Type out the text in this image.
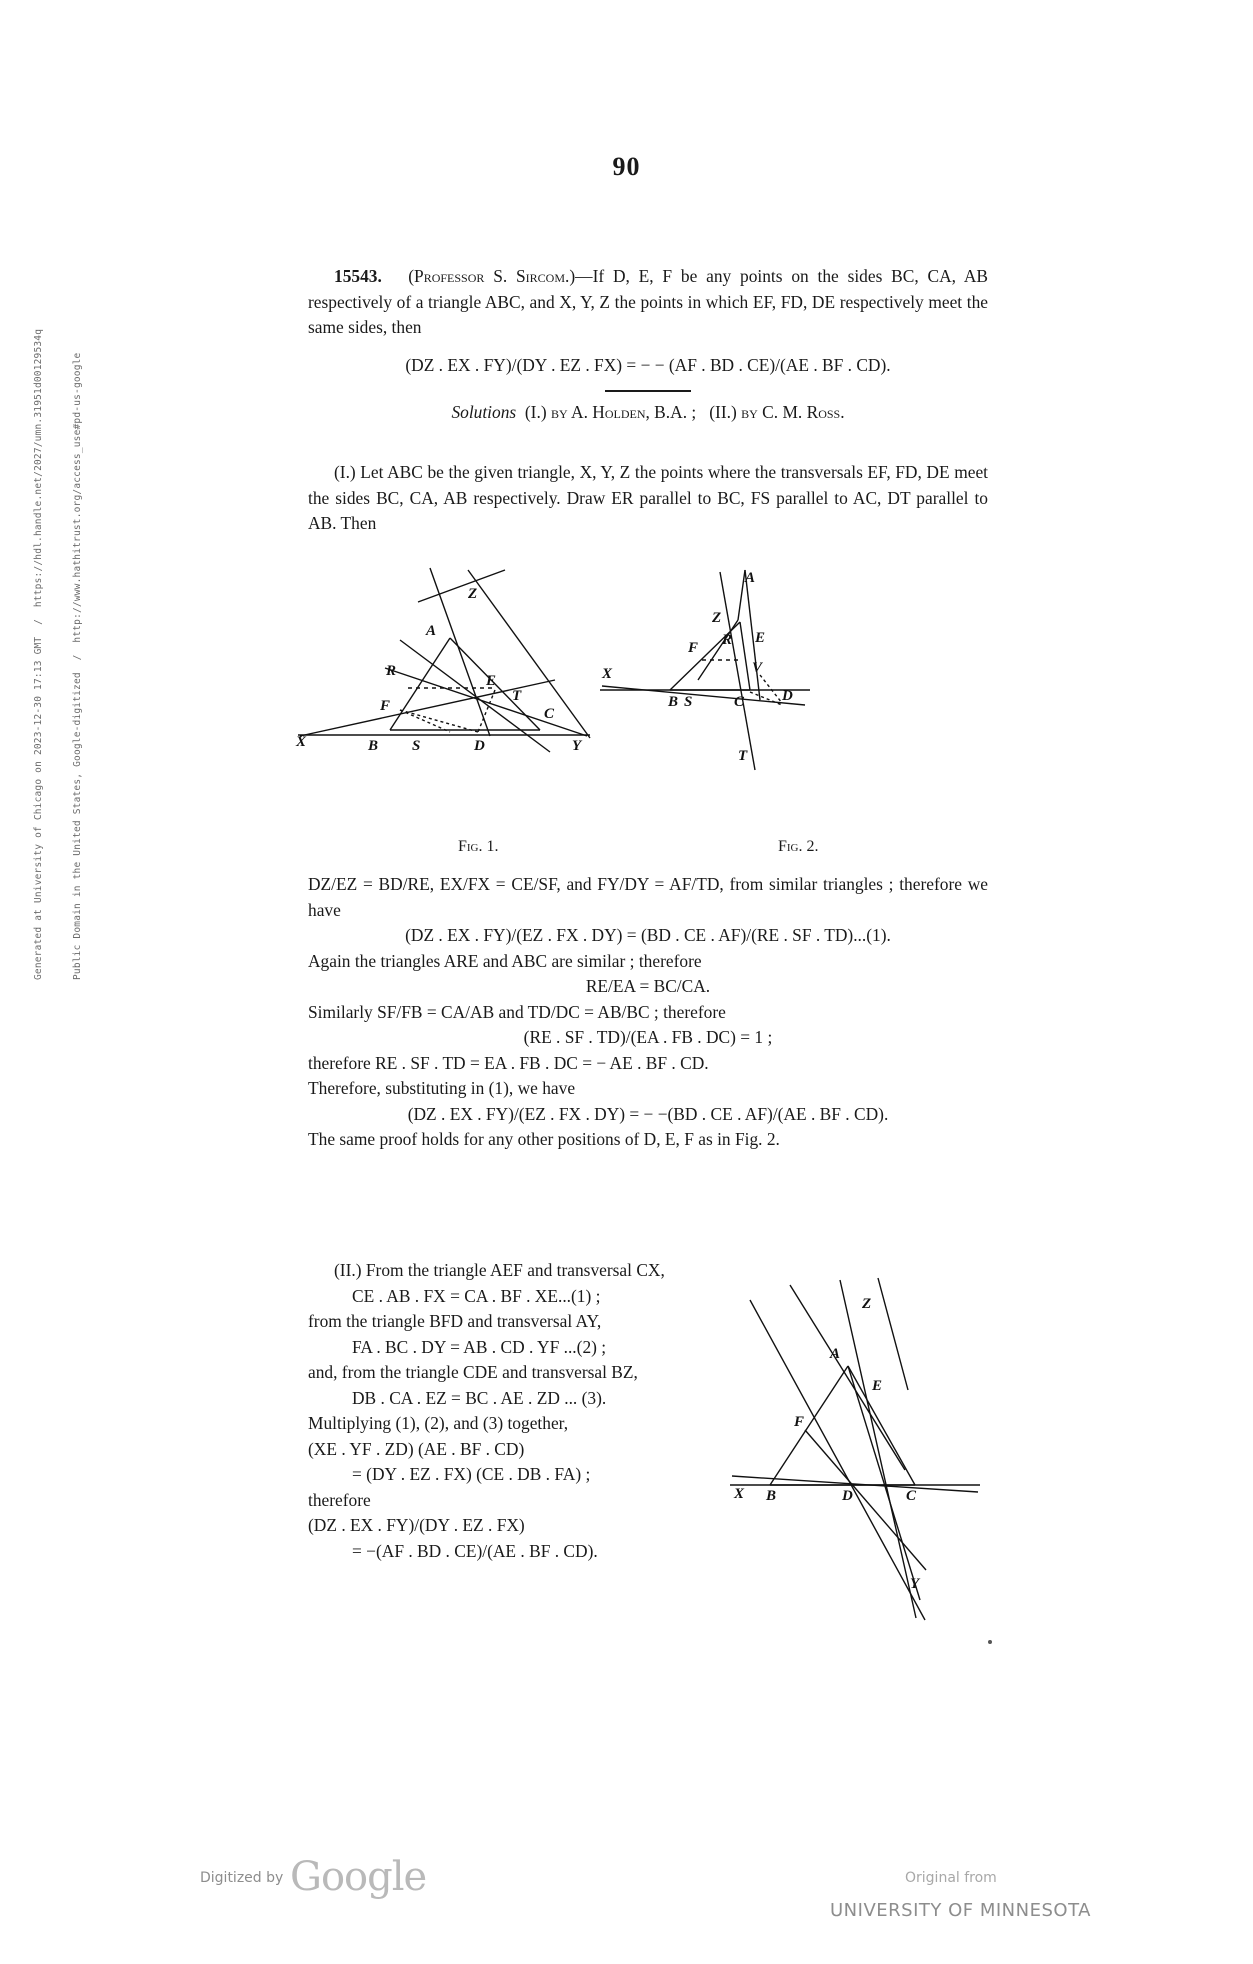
Generated at University of Chicago on 2023-12-30 17:13 GMT  /  https://hdl.handle.net/2027/umn.31951d00129534q

	Public Domain in the United States, Google-digitized  /  http://www.hathitrust.org/access_use#pd-us-google

90
15543. (Professor S. Sircom.)—If D, E, F be any points on the sides BC, CA, AB respectively of a triangle ABC, and X, Y, Z the points in which EF, FD, DE respectively meet the same sides, then
(DZ . EX . FY)/(DY . EZ . FX) = − − (AF . BD . CE)/(AE . BF . CD).
Solutions (I.) by A. Holden, B.A. ; (II.) by C. M. Ross.
(I.) Let ABC be the given triangle, X, Y, Z the points where the transversals EF, FD, DE meet the sides BC, CA, AB respectively. Draw ER parallel to BC, FS parallel to AC, DT parallel to AB. Then
Z
A
R
E
T
F	C
X	B S	D	Y
A
Z
R E
F
X	V
B S	C	D
T
Fig. 1.	Fig. 2.
DZ/EZ = BD/RE, EX/FX = CE/SF, and FY/DY = AF/TD, from similar triangles ; therefore we have
(DZ . EX . FY)/(EZ . FX . DY) = (BD . CE . AF)/(RE . SF . TD)...(1).
Again the triangles ARE and ABC are similar ; therefore
RE/EA = BC/CA.
Similarly SF/FB = CA/AB and TD/DC = AB/BC ; therefore
(RE . SF . TD)/(EA . FB . DC) = 1 ;
therefore RE . SF . TD = EA . FB . DC = − AE . BF . CD.
Therefore, substituting in (1), we have
(DZ . EX . FY)/(EZ . FX . DY) = − −(BD . CE . AF)/(AE . BF . CD).
The same proof holds for any other positions of D, E, F as in Fig. 2.
(II.) From the triangle AEF and transversal CX,
CE . AB . FX = CA . BF . XE...(1) ;
from the triangle BFD and transversal AY,
FA . BC . DY = AB . CD . YF ...(2) ;
and, from the triangle CDE and transversal BZ,
DB . CA . EZ = BC . AE . ZD ... (3).
Multiplying (1), (2), and (3) together,
(XE . YF . ZD) (AE . BF . CD)
= (DY . EZ . FX) (CE . DB . FA) ;
therefore
(DZ . EX . FY)/(DY . EZ . FX)
= −(AF . BD . CE)/(AE . BF . CD).
Z
A
E
F
X B	D	C
Y
Digitized by Google	Original from
UNIVERSITY OF MINNESOTA
